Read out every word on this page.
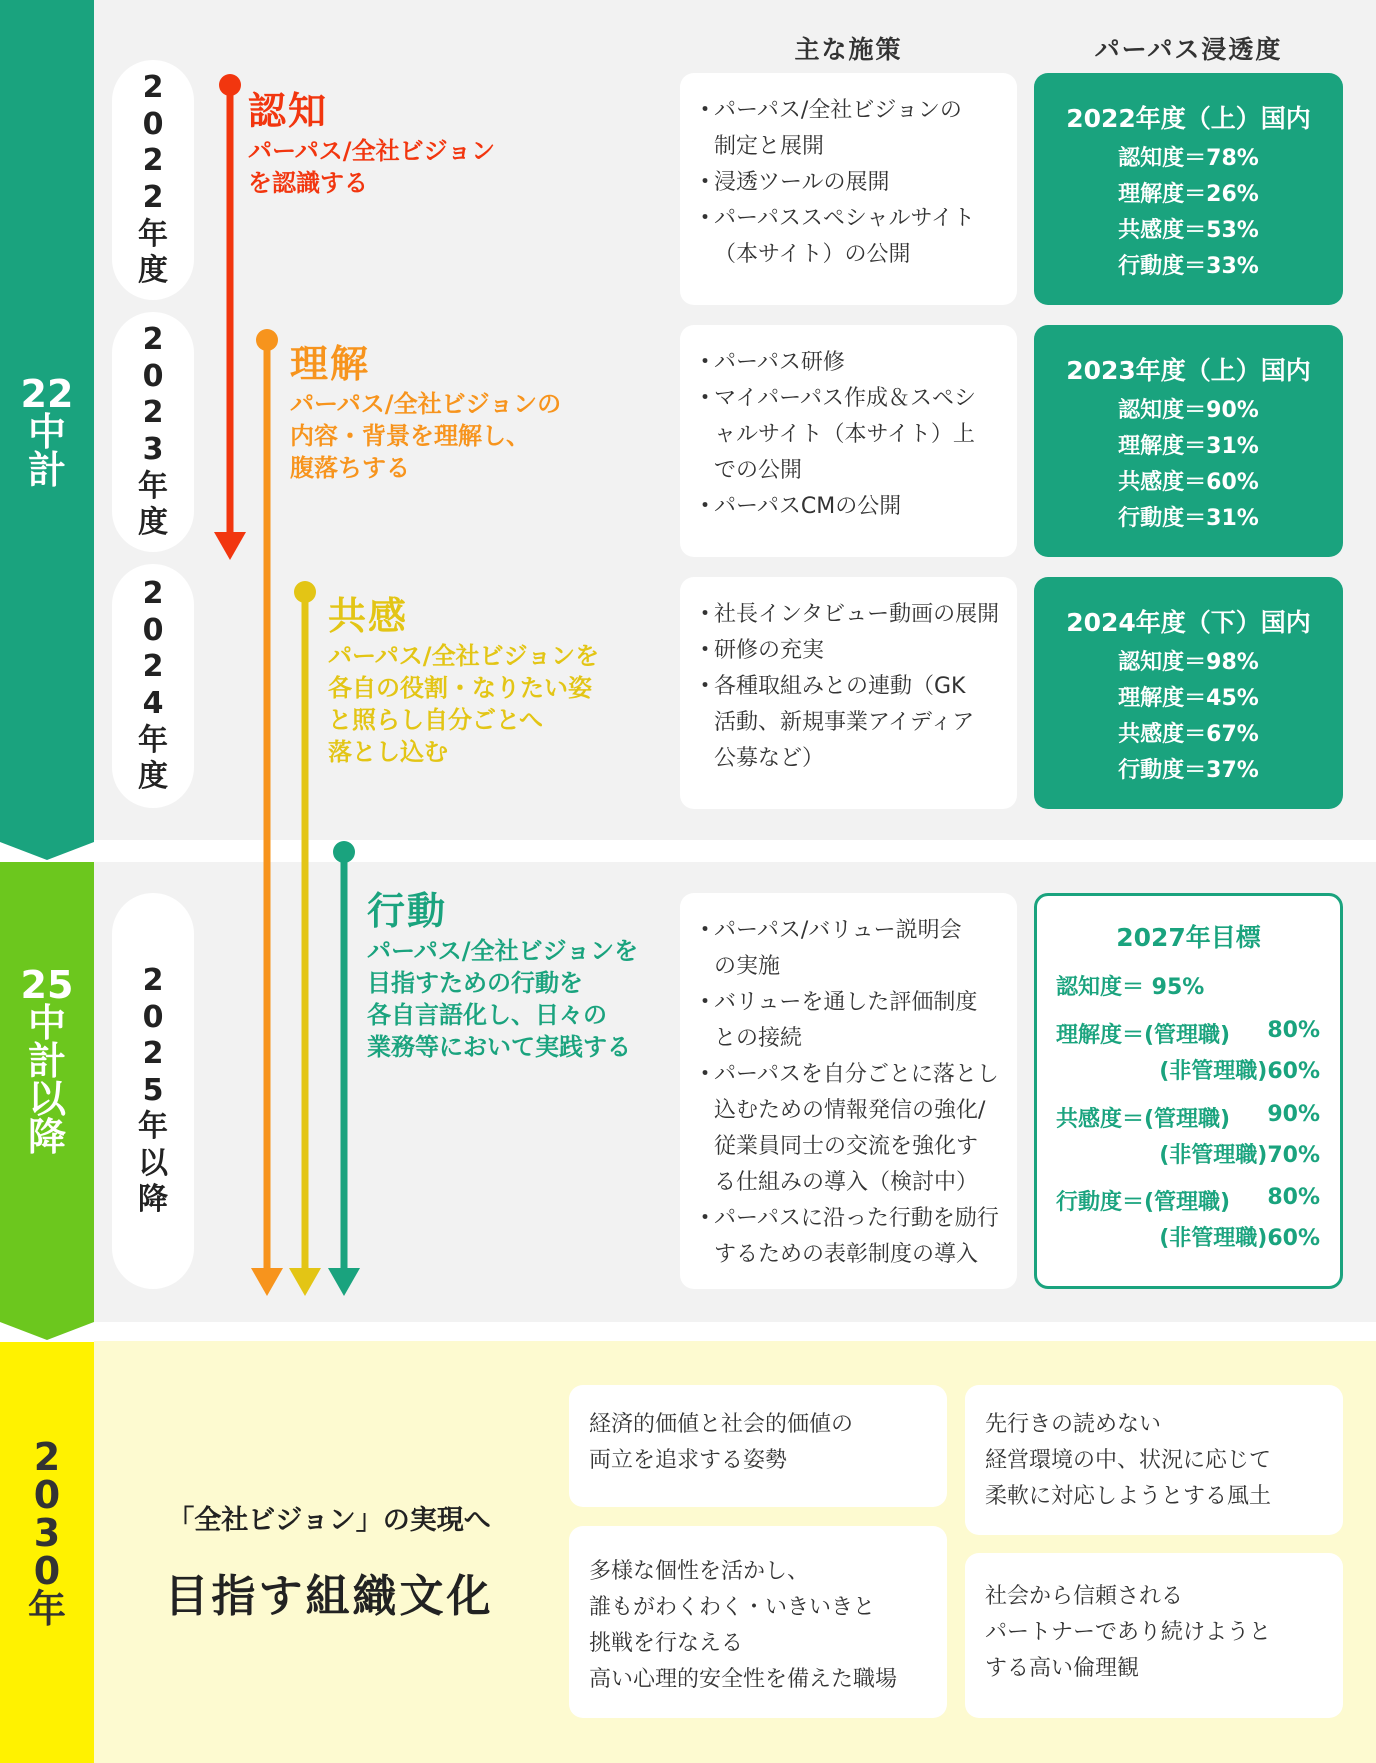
22
中
計
25
中
計
以
降
2
0
3
0
年
2022年度
2023年度
2024年度
2025年以降
認知
パーパス/全社ビジョン
を認識する
理解
パーパス/全社ビジョンの
内容・背景を理解し、
腹落ちする
共感
パーパス/全社ビジョンを
各自の役割・なりたい姿
と照らし自分ごとへ
落とし込む
行動
パーパス/全社ビジョンを
目指すための行動を
各自言語化し、日々の
業務等において実践する
主な施策	パーパス浸透度
・ パーパス/全社ビジョンの
制定と展開
・ 浸透ツールの展開
・ パーパススペシャルサイト
（本サイト）の公開
・ パーパス研修
・ マイパーパス作成＆スペシ
ャルサイト（本サイト）上
での公開
・ パーパスCMの公開
・ 社長インタビュー動画の展開
・ 研修の充実
・ 各種取組みとの連動（GK
活動、新規事業アイディア
公募など）
・ パーパス/バリュー説明会
の実施
・ バリューを通した評価制度
との接続
・ パーパスを自分ごとに落とし
込むための情報発信の強化/
従業員同士の交流を強化す
る仕組みの導入（検討中）
・ パーパスに沿った行動を励行
するための表彰制度の導入
2022年度（上）国内
認知度＝78%
理解度＝26%
共感度＝53%
行動度＝33%
2023年度（上）国内
認知度＝90%
理解度＝31%
共感度＝60%
行動度＝31%
2024年度（下）国内
認知度＝98%
理解度＝45%
共感度＝67%
行動度＝37%
2027年目標
認知度＝ 95%
理解度＝(管理職) 80%
(非管理職)60%
共感度＝(管理職) 90%
(非管理職)70%
行動度＝(管理職) 80%
(非管理職)60%
「全社ビジョン」の実現へ
目指す組織文化
経済的価値と社会的価値の
両立を追求する姿勢
先行きの読めない
経営環境の中、状況に応じて
柔軟に対応しようとする風土
多様な個性を活かし、
誰もがわくわく・いきいきと
挑戦を行なえる
高い心理的安全性を備えた職場
社会から信頼される
パートナーであり続けようと
する高い倫理観
